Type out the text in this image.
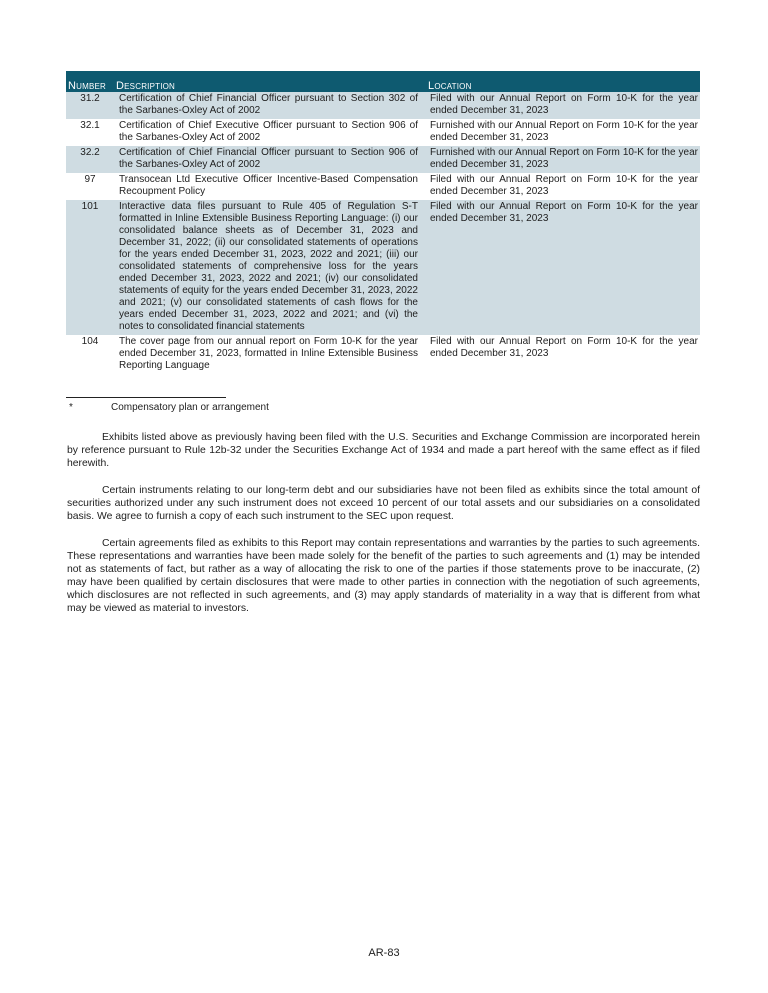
Number	Description	Location
31.2	Certification of Chief Financial Officer pursuant to Section 302 of the Sarbanes-Oxley Act of 2002	Filed with our Annual Report on Form 10-K for the year ended December 31, 2023
32.1	Certification of Chief Executive Officer pursuant to Section 906 of the Sarbanes-Oxley Act of 2002	Furnished with our Annual Report on Form 10-K for the year ended December 31, 2023
32.2	Certification of Chief Financial Officer pursuant to Section 906 of the Sarbanes-Oxley Act of 2002	Furnished with our Annual Report on Form 10-K for the year ended December 31, 2023
97	Transocean Ltd Executive Officer Incentive-Based Compensation Recoupment Policy	Filed with our Annual Report on Form 10-K for the year ended December 31, 2023
101	Interactive data files pursuant to Rule 405 of Regulation S-T formatted in Inline Extensible Business Reporting Language: (i) our consolidated balance sheets as of December 31, 2023 and December 31, 2022; (ii) our consolidated statements of operations for the years ended December 31, 2023, 2022 and 2021; (iii) our consolidated statements of comprehensive loss for the years ended December 31, 2023, 2022 and 2021; (iv) our consolidated statements of equity for the years ended December 31, 2023, 2022 and 2021; (v) our consolidated statements of cash flows for the years ended December 31, 2023, 2022 and 2021; and (vi) the notes to consolidated financial statements	Filed with our Annual Report on Form 10-K for the year ended December 31, 2023
104	The cover page from our annual report on Form 10-K for the year ended December 31, 2023, formatted in Inline Extensible Business Reporting Language	Filed with our Annual Report on Form 10-K for the year ended December 31, 2023
*	Compensatory plan or arrangement

Exhibits listed above as previously having been filed with the U.S. Securities and Exchange Commission are incorporated herein by reference pursuant to Rule 12b-32 under the Securities Exchange Act of 1934 and made a part hereof with the same effect as if filed herewith.

Certain instruments relating to our long-term debt and our subsidiaries have not been filed as exhibits since the total amount of securities authorized under any such instrument does not exceed 10 percent of our total assets and our subsidiaries on a consolidated basis. We agree to furnish a copy of each such instrument to the SEC upon request.

Certain agreements filed as exhibits to this Report may contain representations and warranties by the parties to such agreements. These representations and warranties have been made solely for the benefit of the parties to such agreements and (1) may be intended not as statements of fact, but rather as a way of allocating the risk to one of the parties if those statements prove to be inaccurate, (2) may have been qualified by certain disclosures that were made to other parties in connection with the negotiation of such agreements, which disclosures are not reflected in such agreements, and (3) may apply standards of materiality in a way that is different from what may be viewed as material to investors.

AR-83
